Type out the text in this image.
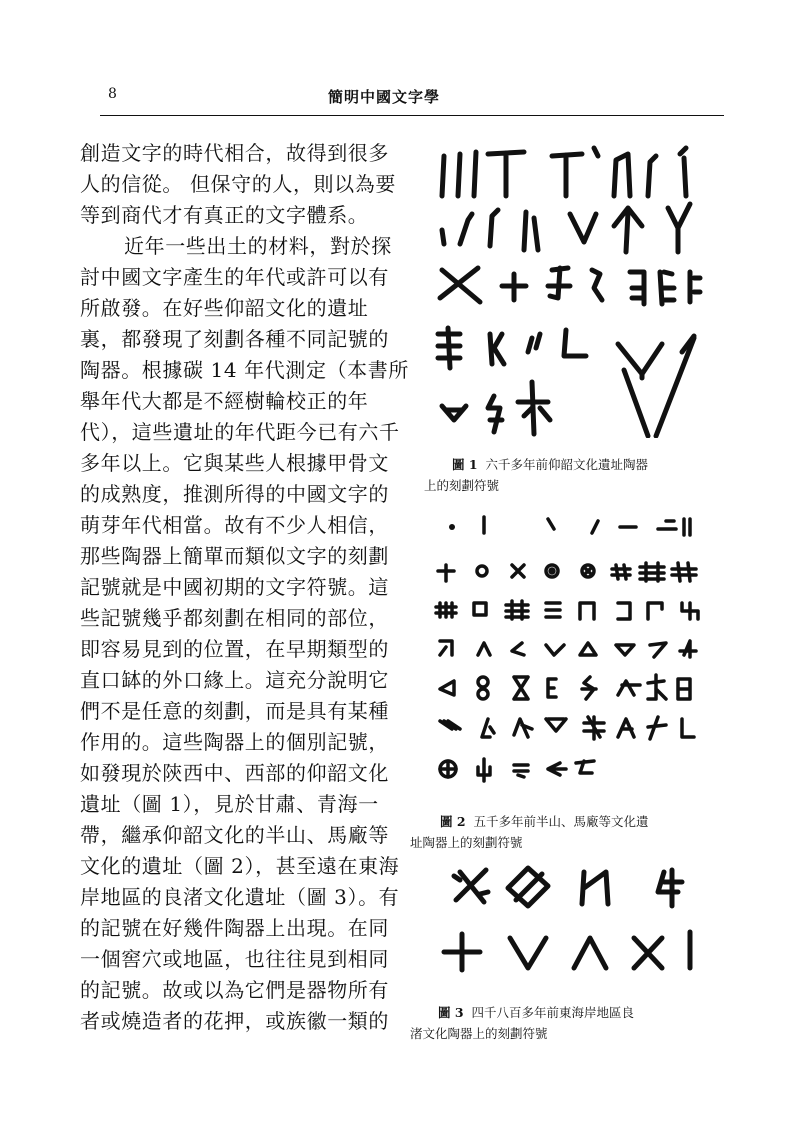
8	簡明中國文字學
創造文字的時代相合，故得到很多
人的信從。 但保守的人，則以為要
等到商代才有真正的文字體系。
近年一些出土的材料，對於探
討中國文字產生的年代或許可以有
所啟發。在好些仰韶文化的遺址
裏，都發現了刻劃各種不同記號的
陶器。根據碳 14 年代測定（本書所
舉年代大都是不經樹輪校正的年
代），這些遺址的年代距今已有六千
多年以上。它與某些人根據甲骨文
的成熟度，推測所得的中國文字的
萌芽年代相當。故有不少人相信，
那些陶器上簡單而類似文字的刻劃
記號就是中國初期的文字符號。這
些記號幾乎都刻劃在相同的部位，
即容易見到的位置，在早期類型的
直口缽的外口緣上。這充分說明它
們不是任意的刻劃，而是具有某種
作用的。這些陶器上的個別記號，
如發現於陝西中、西部的仰韶文化
遺址（圖 1），見於甘肅、青海一
帶，繼承仰韶文化的半山、馬廠等
文化的遺址（圖 2），甚至遠在東海
岸地區的良渚文化遺址（圖 3）。有
的記號在好幾件陶器上出現。在同
一個窖穴或地區，也往往見到相同
的記號。故或以為它們是器物所有
者或燒造者的花押，或族徽一類的
圖 1 六千多年前仰韶文化遺址陶器
上的刻劃符號
圖 2 五千多年前半山、馬廠等文化遺
址陶器上的刻劃符號
圖 3 四千八百多年前東海岸地區良
渚文化陶器上的刻劃符號
